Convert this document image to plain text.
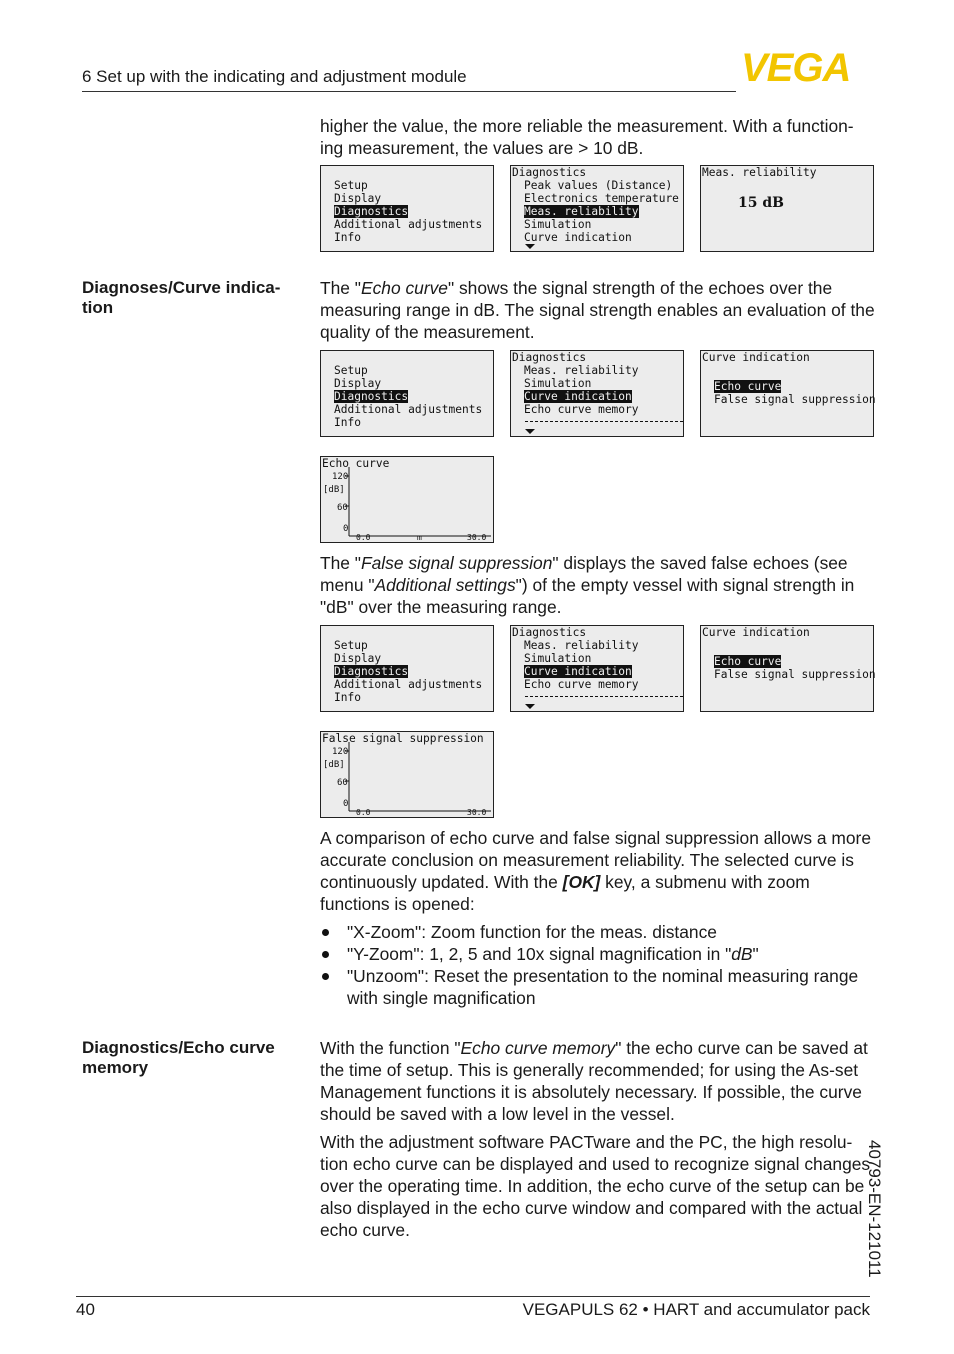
6 Set up with the indicating and adjustment module	VEGA
higher the value, the more reliable the measurement. With a function-ing measurement, the values are > 10 dB.
Setup
Display
Diagnostics
Additional adjustments
Info
Diagnostics
Peak values (Distance)
Electronics temperature
Meas. reliability
Simulation
Curve indication
Meas. reliability
15 dB
Diagnoses/Curve indica-tion
The "Echo curve" shows the signal strength of the echoes over the measuring range in dB. The signal strength enables an evaluation of the quality of the measurement.
Setup
Display
Diagnostics
Additional adjustments
Info
Diagnostics
Meas. reliability
Simulation
Curve indication
Echo curve memory
Curve indication
Echo curve
False signal suppression
Echo curve
120
[dB]
60
0
0.0	m	30.0
The "False signal suppression" displays the saved false echoes (see menu "Additional settings") of the empty vessel with signal strength in "dB" over the measuring range.
Setup
Display
Diagnostics
Additional adjustments
Info
Diagnostics
Meas. reliability
Simulation
Curve indication
Echo curve memory
Curve indication
Echo curve
False signal suppression
False signal suppression
120
[dB]
60
0
0.0	30.0
A comparison of echo curve and false signal suppression allows a more accurate conclusion on measurement reliability. The selected curve is continuously updated. With the [OK] key, a submenu with zoom functions is opened:
"X-Zoom": Zoom function for the meas. distance
"Y-Zoom": 1, 2, 5 and 10x signal magnification in "dB"
"Unzoom": Reset the presentation to the nominal measuring range with single magnification
Diagnostics/Echo curve memory
With the function "Echo curve memory" the echo curve can be saved at the time of setup. This is generally recommended; for using the As-set Management functions it is absolutely necessary. If possible, the curve should be saved with a low level in the vessel.
With the adjustment software PACTware and the PC, the high resolu-tion echo curve can be displayed and used to recognize signal changes over the operating time. In addition, the echo curve of the setup can be also displayed in the echo curve window and compared with the actual echo curve.	40793-EN-121011
40	VEGAPULS 62 • HART and accumulator pack
